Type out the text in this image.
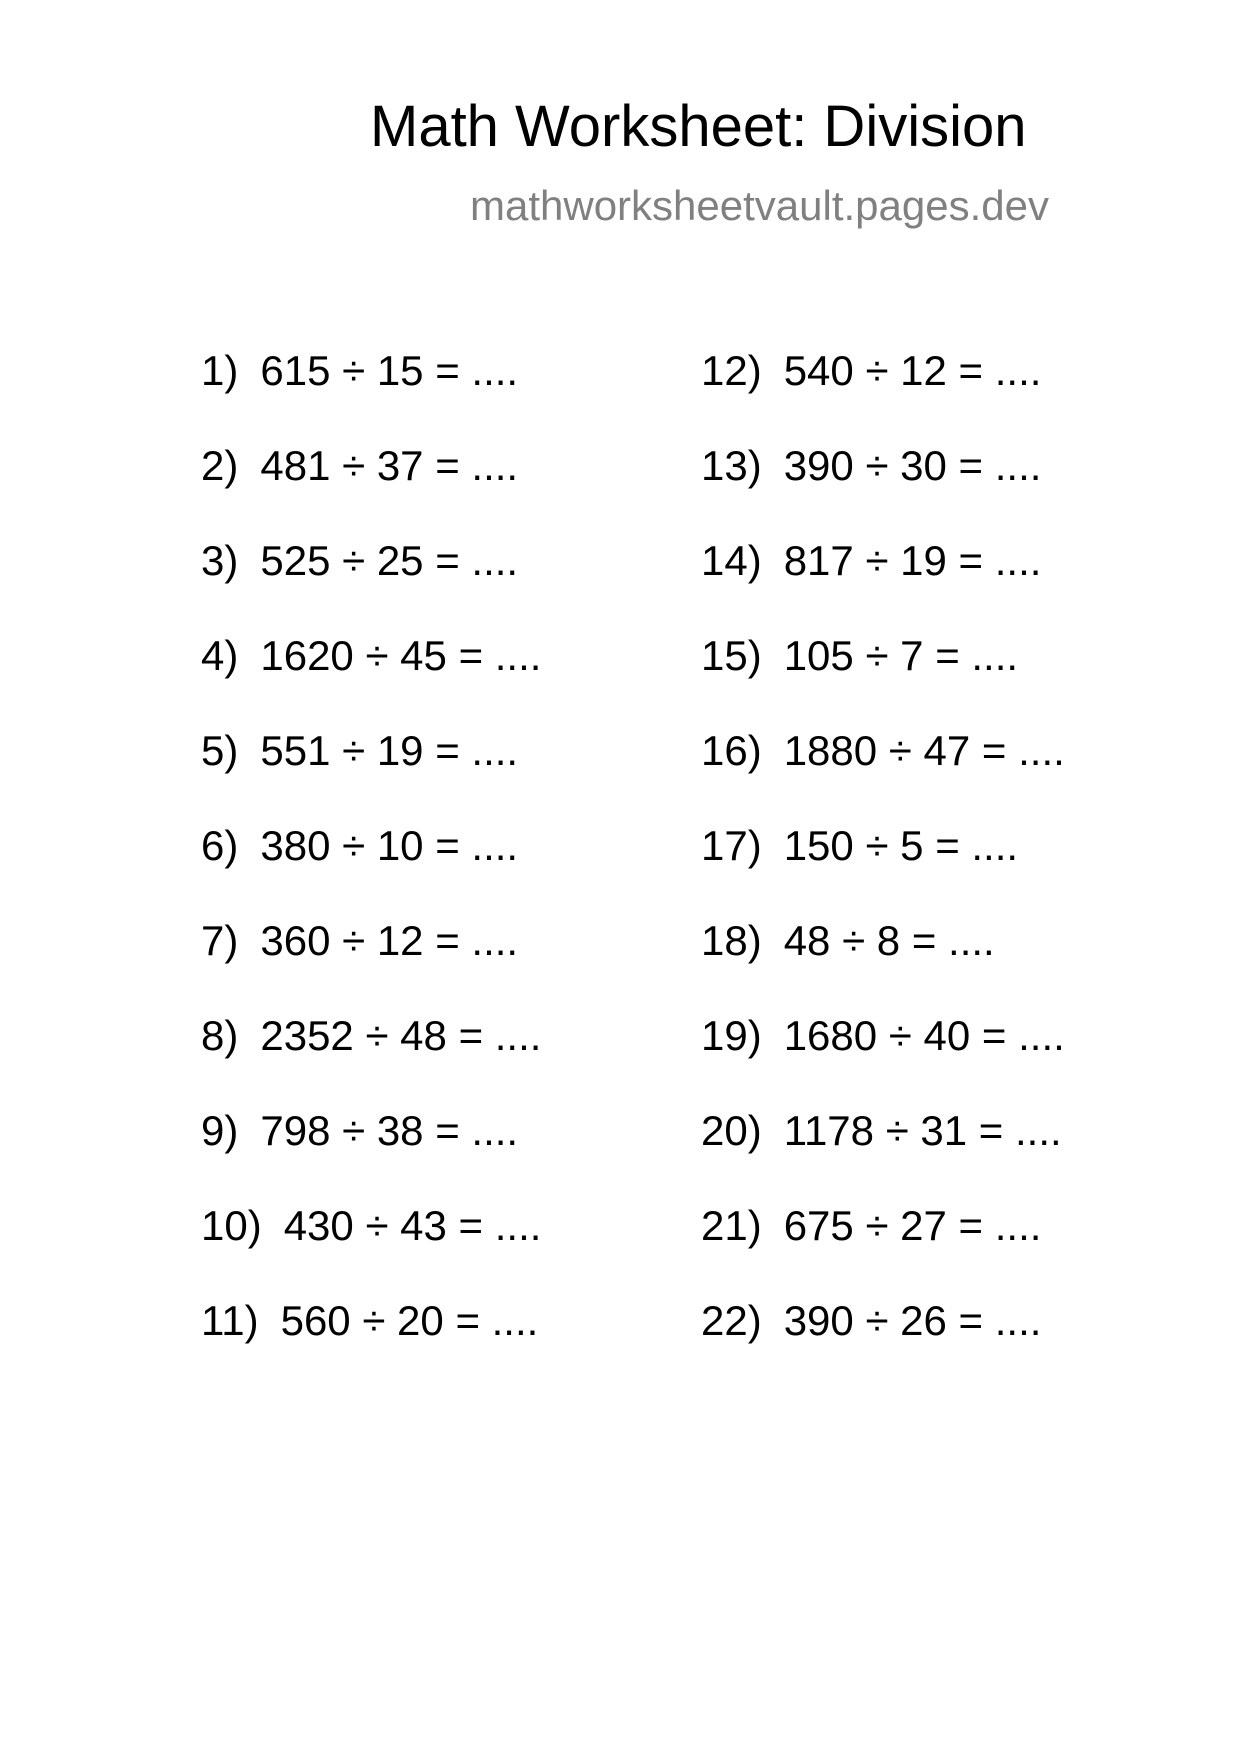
Math Worksheet: Division
mathworksheetvault.pages.dev
1) 615 ÷ 15 = ....
2) 481 ÷ 37 = ....
3) 525 ÷ 25 = ....
4) 1620 ÷ 45 = ....
5) 551 ÷ 19 = ....
6) 380 ÷ 10 = ....
7) 360 ÷ 12 = ....
8) 2352 ÷ 48 = ....
9) 798 ÷ 38 = ....
10) 430 ÷ 43 = ....
11) 560 ÷ 20 = ....
12) 540 ÷ 12 = ....
13) 390 ÷ 30 = ....
14) 817 ÷ 19 = ....
15) 105 ÷ 7 = ....
16) 1880 ÷ 47 = ....
17) 150 ÷ 5 = ....
18) 48 ÷ 8 = ....
19) 1680 ÷ 40 = ....
20) 1178 ÷ 31 = ....
21) 675 ÷ 27 = ....
22) 390 ÷ 26 = ....
